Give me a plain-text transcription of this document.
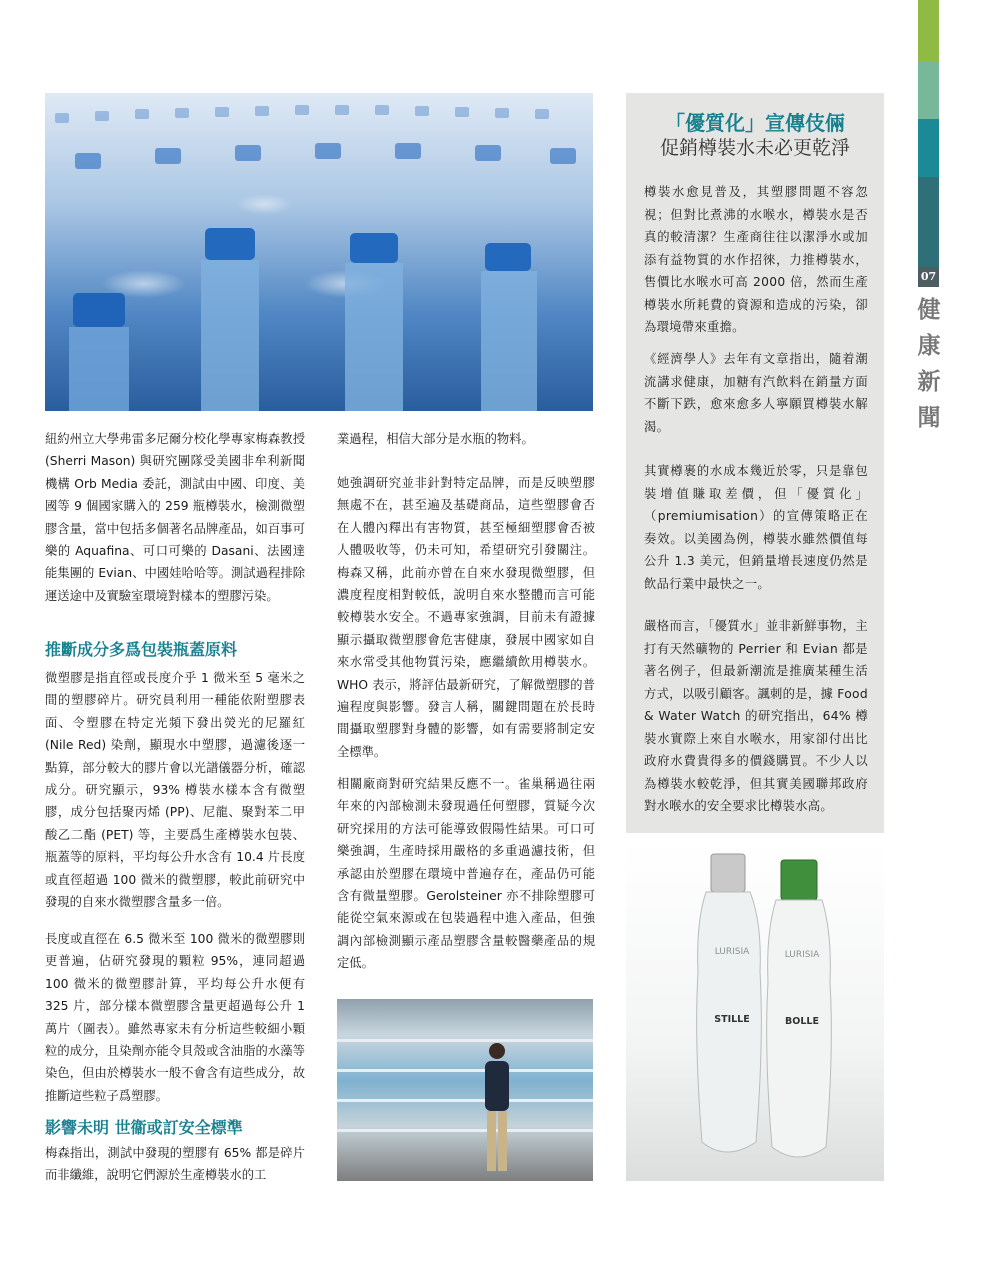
07
健康新聞
「優質化」宣傳伎倆
促銷樽裝水未必更乾淨
樽裝水愈見普及，其塑膠問題不容忽視；但對比煮沸的水喉水，樽裝水是否真的較清潔？生產商往往以潔淨水或加添有益物質的水作招徠，力推樽裝水，售價比水喉水可高 2000 倍，然而生產樽裝水所耗費的資源和造成的污染，卻為環境帶來重擔。
《經濟學人》去年有文章指出，隨着潮流講求健康，加糖有汽飲料在銷量方面不斷下跌，愈來愈多人寧願買樽裝水解渴。
其實樽裹的水成本幾近於零，只是靠包裝增值賺取差價，但「優質化」（premiumisation）的宣傳策略正在奏效。以美國為例，樽裝水雖然價值每公升 1.3 美元，但銷量增長速度仍然是飲品行業中最快之一。
嚴格而言，「優質水」並非新鮮事物，主打有天然礦物的 Perrier 和 Evian 都是著名例子，但最新潮流是推廣某種生活方式，以吸引顧客。諷刺的是，據 Food & Water Watch 的研究指出，64% 樽裝水實際上來自水喉水，用家卻付出比政府水費貴得多的價錢購買。不少人以為樽裝水較乾淨，但其實美國聯邦政府對水喉水的安全要求比樽裝水高。
LURISIA	LURISIA
STILLE	BOLLE
紐約州立大學弗雷多尼爾分校化學專家梅森教授 (Sherri Mason) 與研究團隊受美國非牟利新聞機構 Orb Media 委託，測試由中國、印度、美國等 9 個國家購入的 259 瓶樽裝水，檢測微塑膠含量，當中包括多個著名品牌產品，如百事可樂的 Aquafina、可口可樂的 Dasani、法國達能集團的 Evian、中國娃哈哈等。測試過程排除運送途中及實驗室環境對樣本的塑膠污染。
推斷成分多爲包裝瓶蓋原料
微塑膠是指直徑或長度介乎 1 微米至 5 毫米之間的塑膠碎片。研究員利用一種能依附塑膠表面、令塑膠在特定光頻下發出熒光的尼羅紅 (Nile Red) 染劑，顯現水中塑膠，過濾後逐一點算，部分較大的膠片會以光譜儀器分析，確認成分。研究顯示，93% 樽裝水樣本含有微塑膠，成分包括聚丙烯 (PP)、尼龍、聚對苯二甲酸乙二酯 (PET) 等，主要爲生產樽裝水包裝、瓶蓋等的原料，平均每公升水含有 10.4 片長度或直徑超過 100 微米的微塑膠，較此前研究中發現的自來水微塑膠含量多一倍。
長度或直徑在 6.5 微米至 100 微米的微塑膠則更普遍，佔研究發現的顆粒 95%，連同超過 100 微米的微塑膠計算，平均每公升水便有 325 片，部分樣本微塑膠含量更超過每公升 1 萬片（圖表）。雖然專家未有分析這些較細小顆粒的成分，且染劑亦能令貝殼或含油脂的水藻等染色，但由於樽裝水一般不會含有這些成分，故推斷這些粒子爲塑膠。
影響未明 世衞或訂安全標準
梅森指出，測試中發現的塑膠有 65% 都是碎片而非纖維，說明它們源於生產樽裝水的工
業過程，相信大部分是水瓶的物料。
她強調研究並非針對特定品牌，而是反映塑膠無處不在，甚至遍及基礎商品，這些塑膠會否在人體內釋出有害物質，甚至極細塑膠會否被人體吸收等，仍未可知，希望研究引發關注。梅森又稱，此前亦曾在自來水發現微塑膠，但濃度程度相對較低，說明自來水整體而言可能較樽裝水安全。不過專家強調，目前未有證據顯示攝取微塑膠會危害健康，發展中國家如自來水常受其他物質污染，應繼續飲用樽裝水。WHO 表示，將評估最新研究，了解微塑膠的普遍程度與影響。發言人稱，關鍵問題在於長時間攝取塑膠對身體的影響，如有需要將制定安全標準。
相關廠商對研究結果反應不一。雀巢稱過往兩年來的內部檢測未發現過任何塑膠，質疑今次研究採用的方法可能導致假陽性結果。可口可樂強調，生產時採用嚴格的多重過濾技術，但承認由於塑膠在環境中普遍存在，產品仍可能含有微量塑膠。Gerolsteiner 亦不排除塑膠可能從空氣來源或在包裝過程中進入產品，但強調內部檢測顯示產品塑膠含量較醫藥產品的規定低。
